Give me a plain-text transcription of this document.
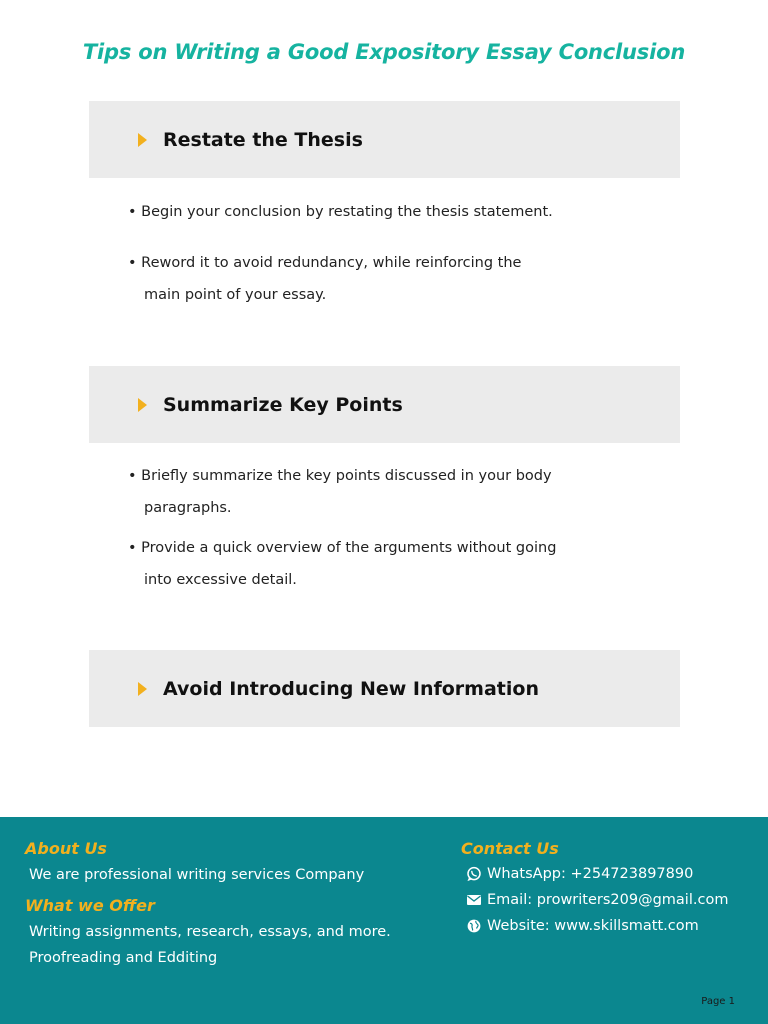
Tips on Writing a Good Expository Essay Conclusion
Restate the Thesis
• Begin your conclusion by restating the thesis statement.
• Reword it to avoid redundancy, while reinforcing the
main point of your essay.
Summarize Key Points
• Briefly summarize the key points discussed in your body
paragraphs.
• Provide a quick overview of the arguments without going
into excessive detail.
Avoid Introducing New Information
About Us
We are professional writing services Company
What we Offer
Writing assignments, research, essays, and more.
Proofreading and Edditing
Contact Us
WhatsApp: +254723897890
Email: prowriters209@gmail.com
Website: www.skillsmatt.com
Page 1
